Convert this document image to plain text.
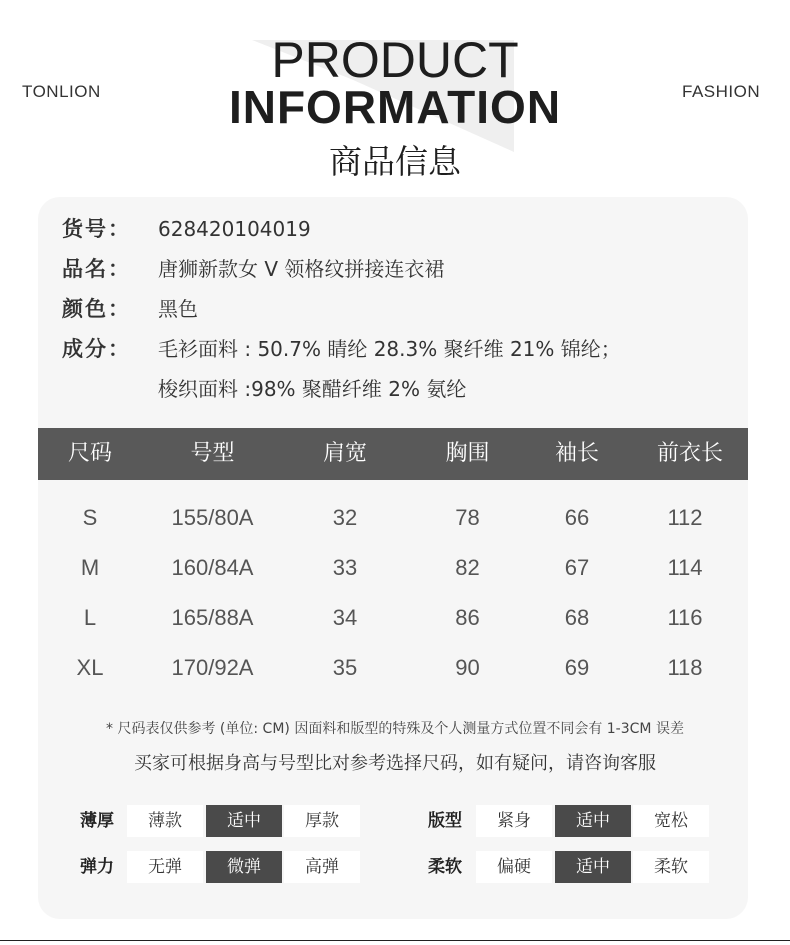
TONLION	FASHION
PRODUCT
INFORMATION
商品信息
货号： 628420104019
品名： 唐狮新款女 V 领格纹拼接连衣裙
颜色： 黑色
成分： 毛衫面料 : 50.7% 睛纶 28.3% 聚纤维 21% 锦纶；
梭织面料 :98% 聚醋纤维 2% 氨纶
尺码	号型	肩宽	胸围	袖长	前衣长
S	155/80A	32	78	66	112
M	160/84A	33	82	67	114
L	165/88A	34	86	68	116
XL	170/92A	35	90	69	118
* 尺码表仅供参考 (单位: CM) 因面料和版型的特殊及个人测量方式位置不同会有 1-3CM 误差
买家可根据身高与号型比对参考选择尺码，如有疑问，请咨询客服
薄厚	薄款	适中	厚款	版型	紧身	适中	宽松
弹力	无弹	微弹	高弹	柔软	偏硬	适中	柔软
